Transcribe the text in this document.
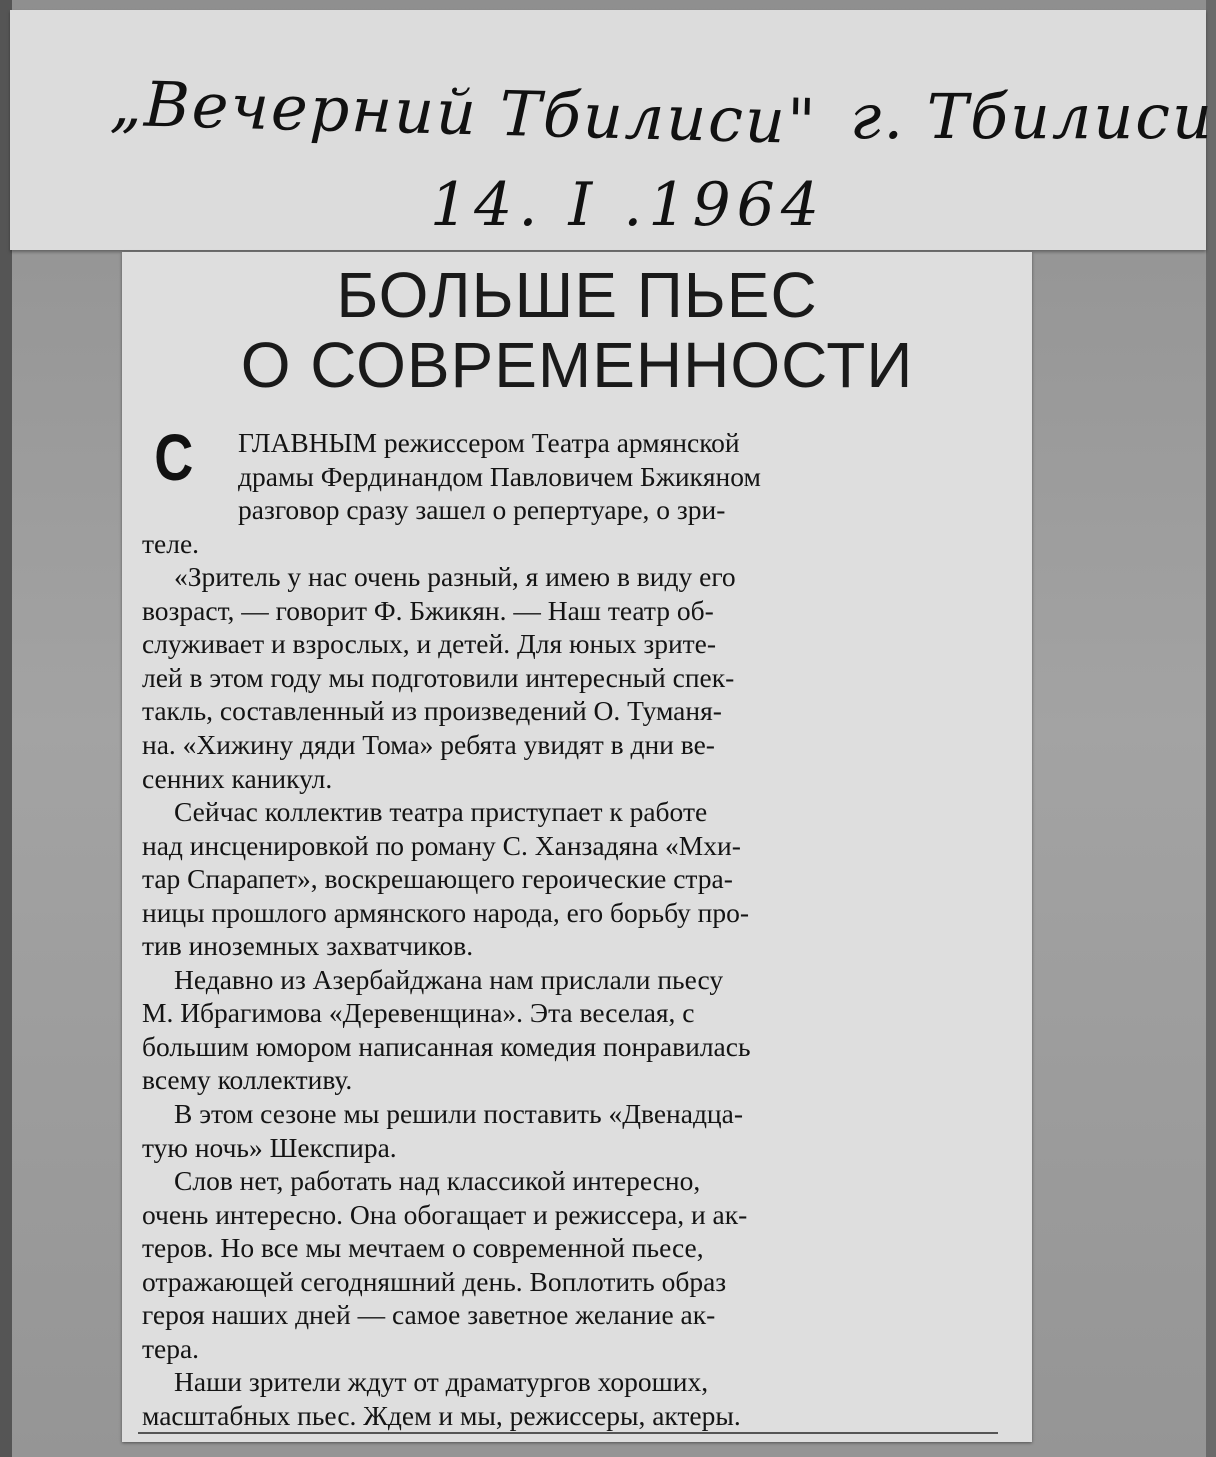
„Вечерний Тбилиси" г. Тбилиси
14. I .1964
БОЛЬШЕ ПЬЕС
О СОВРЕМЕННОСТИ
С ГЛАВНЫМ режиссером Театра армянской

драмы Фердинандом Павловичем Бжикяном

разговор сразу зашел о репертуаре, о зри-

теле.

«Зритель у нас очень разный, я имею в виду его

возраст, — говорит Ф. Бжикян. — Наш театр об-

служивает и взрослых, и детей. Для юных зрите-

лей в этом году мы подготовили интересный спек-

такль, составленный из произведений О. Туманя-

на. «Хижину дяди Тома» ребята увидят в дни ве-

сенних каникул.

Сейчас коллектив театра приступает к работе

над инсценировкой по роману С. Ханзадяна «Мхи-

тар Спарапет», воскрешающего героические стра-

ницы прошлого армянского народа, его борьбу про-

тив иноземных захватчиков.

Недавно из Азербайджана нам прислали пьесу

М. Ибрагимова «Деревенщина». Эта веселая, с

большим юмором написанная комедия понравилась

всему коллективу.

В этом сезоне мы решили поставить «Двенадца-

тую ночь» Шекспира.

Слов нет, работать над классикой интересно,

очень интересно. Она обогащает и режиссера, и ак-

теров. Но все мы мечтаем о современной пьесе,

отражающей сегодняшний день. Воплотить образ

героя наших дней — самое заветное желание ак-

тера.

Наши зрители ждут от драматургов хороших,

масштабных пьес. Ждем и мы, режиссеры, актеры.
